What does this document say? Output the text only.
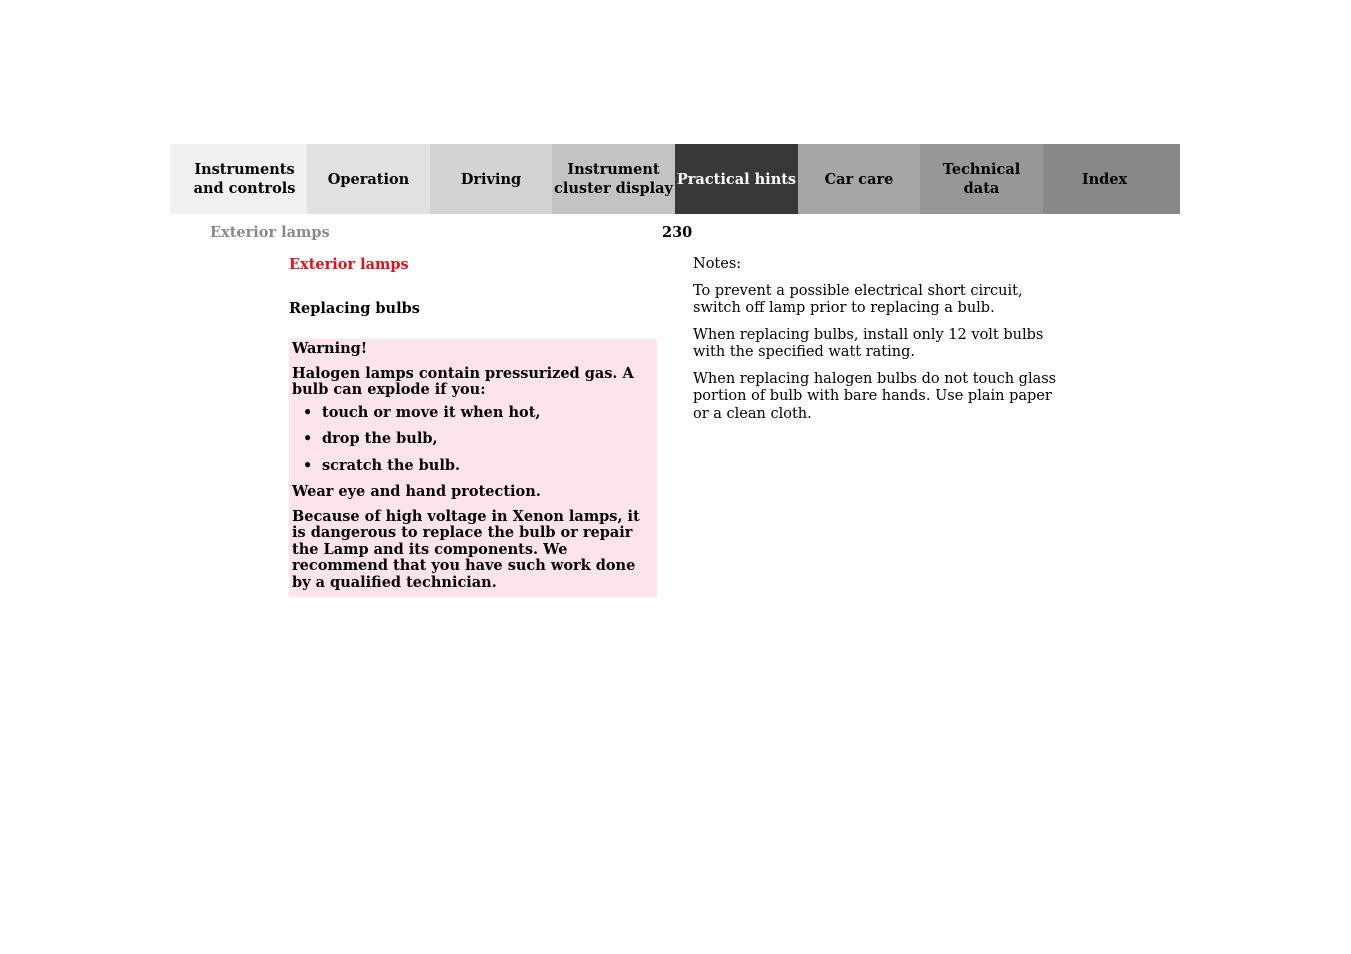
Instruments
and controls
Operation	Driving
Instrument
cluster display
Practical hints Car care
Technical
data
Index
Exterior lamps	230
Exterior lamps
Replacing bulbs

Warning!

Halogen lamps contain pressurized gas. A bulb can explode if you:

• touch or move it when hot,
• drop the bulb,
• scratch the bulb.

Wear eye and hand protection.

Because of high voltage in Xenon lamps, it is dangerous to replace the bulb or repair the Lamp and its components. We recommend that you have such work done by a qualified technician.

Notes:

To prevent a possible electrical short circuit, switch off lamp prior to replacing a bulb.

When replacing bulbs, install only 12 volt bulbs with the specified watt rating.

When replacing halogen bulbs do not touch glass portion of bulb with bare hands. Use plain paper or a clean cloth.
